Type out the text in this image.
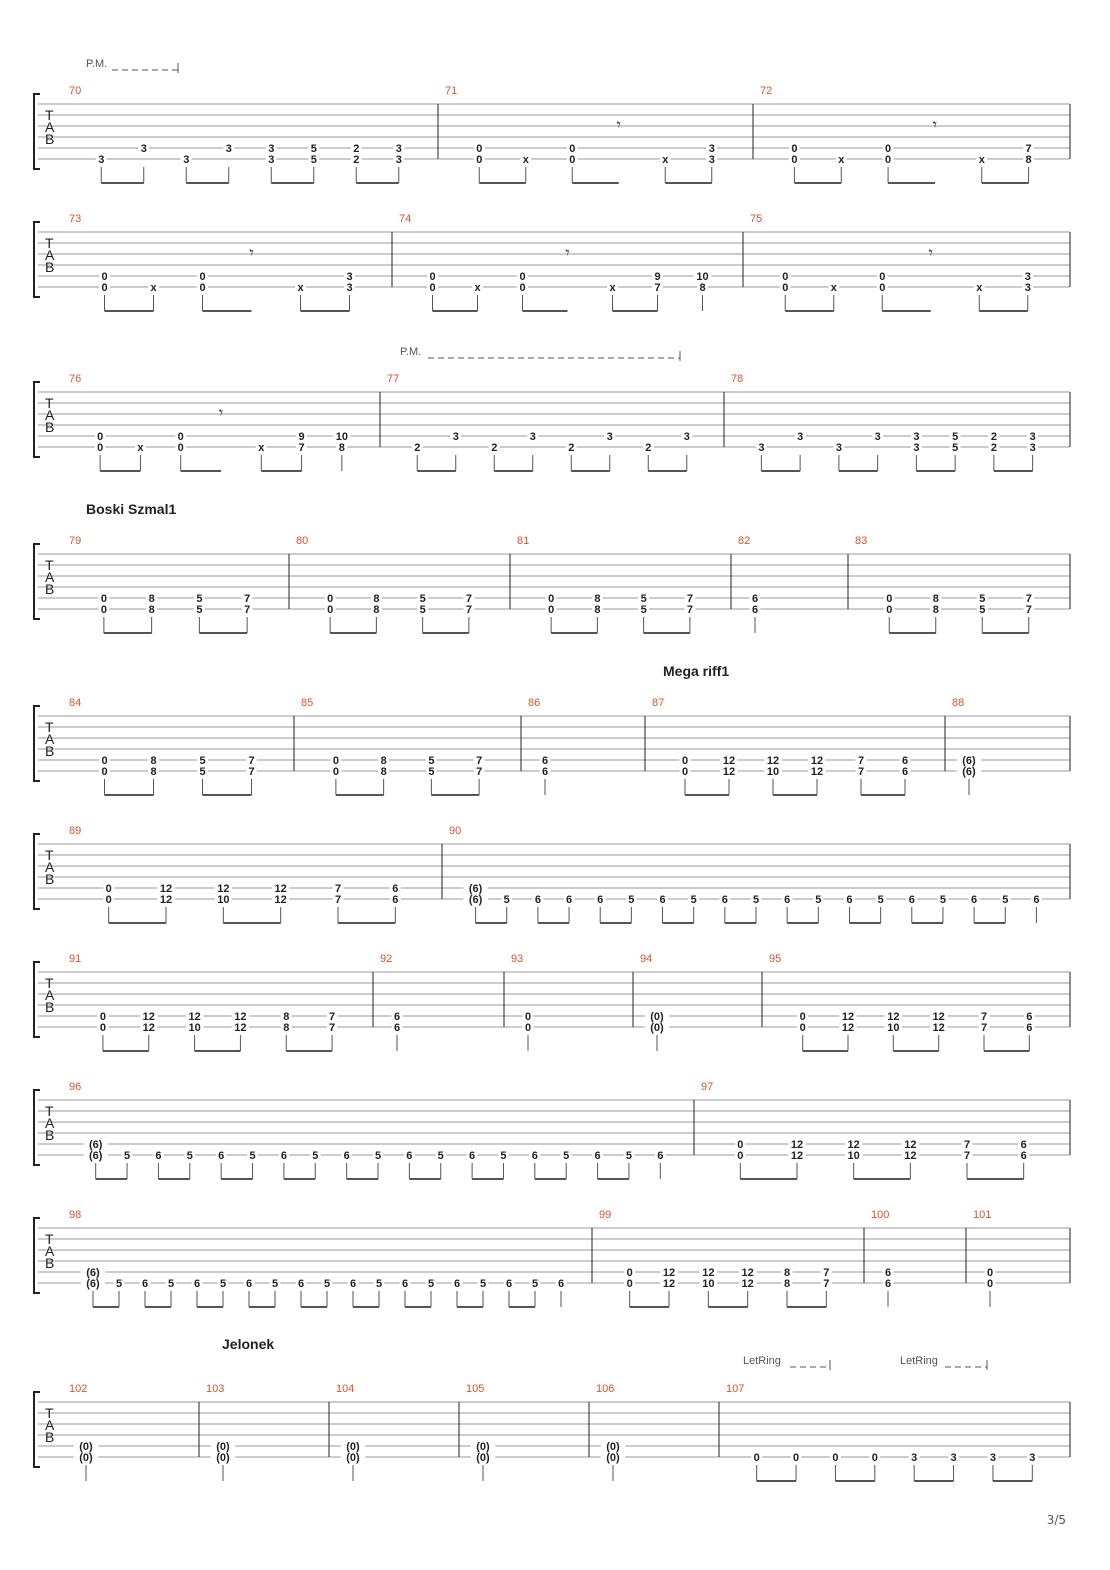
T
A
B
P.M.
70
3
3
3
3
3
3
5
5
2
2
3
3
71
0
0
x	0
0
𝄾
x	3
3
72
0
0
x	0
0
𝄾
x	8
7
T
A
B
73
0
0
x	0
0
𝄾
x	3
3
74
0
0
x	0
0
𝄾
x	7
9
8
10
75
0
0
x	0
0
𝄾
x	3
3
T
A
B
P.M.
76
0
0
x	0
0
𝄾
x	7
9
8
10
77
2
3
2
3
2
3
2
3
78
3
3
3
3
3
3
5
5
2
2
3
3
T
A
B
Boski Szmal1
79
0
0
8
8
5
5
7
7
80
0
0
8
8
5
5
7
7
81
0
0
8
8
5
5
7
7
82
6
6
83
0
0
8
8
5
5
7
7
T
A
B
Mega riff1
84
0
0
8
8
5
5
7
7
85
0
0
8
8
5
5
7
7
86
6
6
87
0
0
12
12
10
12
12
12
7
7
6
6
88
(6)
(6)
T
A
B
89
0
0
12
12
10
12
12
12
7
7
6
6
90
(6)
(6)
5 6 6 6 5 6 5 6 5 6 5 6 5 6 5 6 5 6
T
A
B
91
0
0
12
12
10
12
12
12
8
8
7
7
92
6
6
93
0
0
94
(0)
(0)
95
0
0
12
12
10
12
12
12
7
7
6
6
T
A
B
96
(6)
(6)
5 6 5 6 5 6 5 6 5 6 5 6 5 6 5 6 5 6
97
0
0
12
12
10
12
12
12
7
7
6
6
T
A
B
98
(6)
(6)
5 6 5 6 5 6 5 6 5 6 5 6 5 6 5 6 5 6
99
0
0
12
12
10
12
12
12
8
8
7
7
100
6
6
101
0
0
T
A
B
Jelonek
LetRing	LetRing
102
(0)
(0)
103
(0)
(0)
104
(0)
(0)
105
(0)
(0)
106
(0)
(0)
107
0	0	0	0	3	3	3	3
3/5
